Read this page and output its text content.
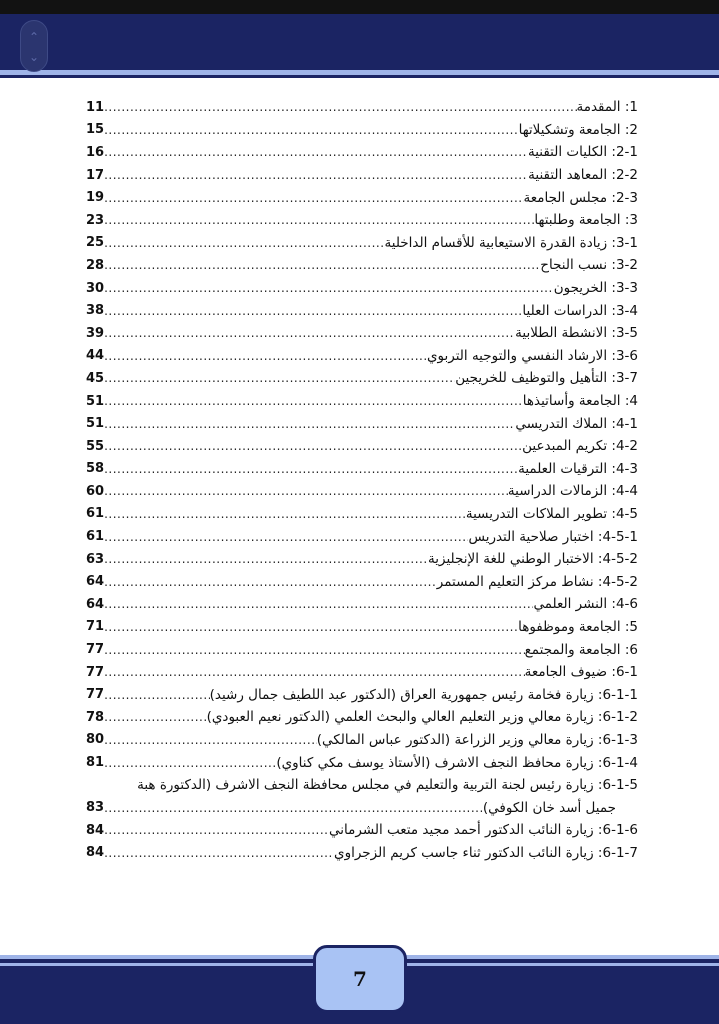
⌃
⌄
1: المقدمة
.....
11
2: الجامعة وتشكيلاتها
.....
15
2-1: الكليات التقنية
.....
16
2-2: المعاهد التقنية
.....
17
2-3: مجلس الجامعة
.....
19
3: الجامعة وطلبتها
.....
23
3-1: زيادة القدرة الاستيعابية للأقسام الداخلية
.....
25
3-2: نسب النجاح
.....
28
3-3: الخريجون
.....
30
3-4: الدراسات العليا
.....
38
3-5: الانشطة الطلابية
.....
39
3-6: الارشاد النفسي والتوجيه التربوي
.....
44
3-7: التأهيل والتوظيف للخريجين
.....
45
4: الجامعة وأساتيذها
.....
51
4-1: الملاك التدريسي
.....
51
4-2: تكريم المبدعين
.....
55
4-3: الترقيات العلمية
.....
58
4-4: الزمالات الدراسية
.....
60
4-5: تطوير الملاكات التدريسية
.....
61
4-5-1: اختبار صلاحية التدريس
.....
61
4-5-2: الاختبار الوطني للغة الإنجليزية
.....
63
4-5-2: نشاط مركز التعليم المستمر
.....
64
4-6: النشر العلمي
.....
64
5: الجامعة وموظفوها
.....
71
6: الجامعة والمجتمع
.....
77
6-1: ضيوف الجامعة
.....
77
6-1-1: زيارة فخامة رئيس جمهورية العراق (الدكتور عبد اللطيف جمال رشيد)
.....
77
6-1-2: زيارة معالي وزير التعليم العالي والبحث العلمي (الدكتور نعيم العبودي)
.....
78
6-1-3: زيارة معالي وزير الزراعة (الدكتور عباس المالكي)
.....
80
6-1-4: زيارة محافظ النجف الاشرف (الأستاذ يوسف مكي كناوي)
.....
81
6-1-5: زيارة رئيس لجنة التربية والتعليم في مجلس محافظة النجف الاشرف (الدكتورة هبة
جميل أسد خان الكوفي)
.....
83
6-1-6: زيارة النائب الدكتور أحمد مجيد متعب الشرماني
.....
84
6-1-7: زيارة النائب الدكتور ثناء جاسب كريم الزجراوي
.....
84
7
